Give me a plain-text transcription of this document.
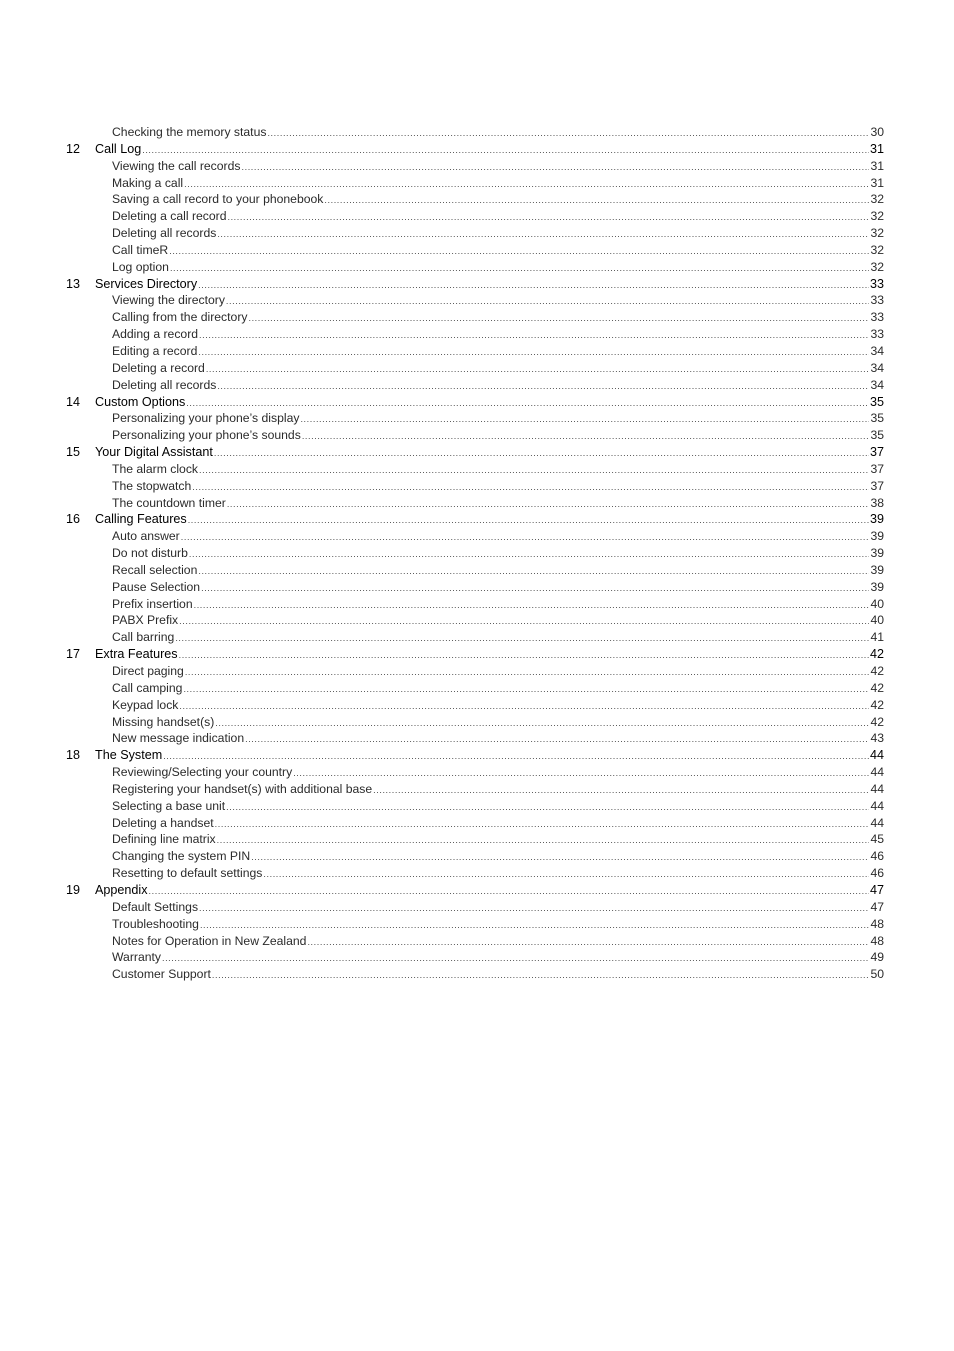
Checking the memory status .....	30
12	Call Log .....	31
Viewing the call records .....	31
Making a call .....	31
Saving a call record to your phonebook .....	32
Deleting a call record .....	32
Deleting all records .....	32
Call timeR .....	32
Log option .....	32
13	Services Directory .....	33
Viewing the directory .....	33
Calling from the directory .....	33
Adding a record .....	33
Editing a record .....	34
Deleting a record .....	34
Deleting all records .....	34
14	Custom Options .....	35
Personalizing your phone’s display .....	35
Personalizing your phone’s sounds .....	35
15	Your Digital Assistant .....	37
The alarm clock .....	37
The stopwatch .....	37
The countdown timer .....	38
16	Calling Features .....	39
Auto answer .....	39
Do not disturb .....	39
Recall selection .....	39
Pause Selection .....	39
Prefix insertion .....	40
PABX Prefix .....	40
Call barring .....	41
17	Extra Features .....	42
Direct paging .....	42
Call camping .....	42
Keypad lock .....	42
Missing handset(s) .....	42
New message indication .....	43
18	The System .....	44
Reviewing/Selecting your country .....	44
Registering your handset(s) with additional base .....	44
Selecting a base unit .....	44
Deleting a handset .....	44
Defining line matrix .....	45
Changing the system PIN .....	46
Resetting to default settings .....	46
19	Appendix .....	47
Default Settings .....	47
Troubleshooting .....	48
Notes for Operation in New Zealand .....	48
Warranty .....	49
Customer Support .....	50
